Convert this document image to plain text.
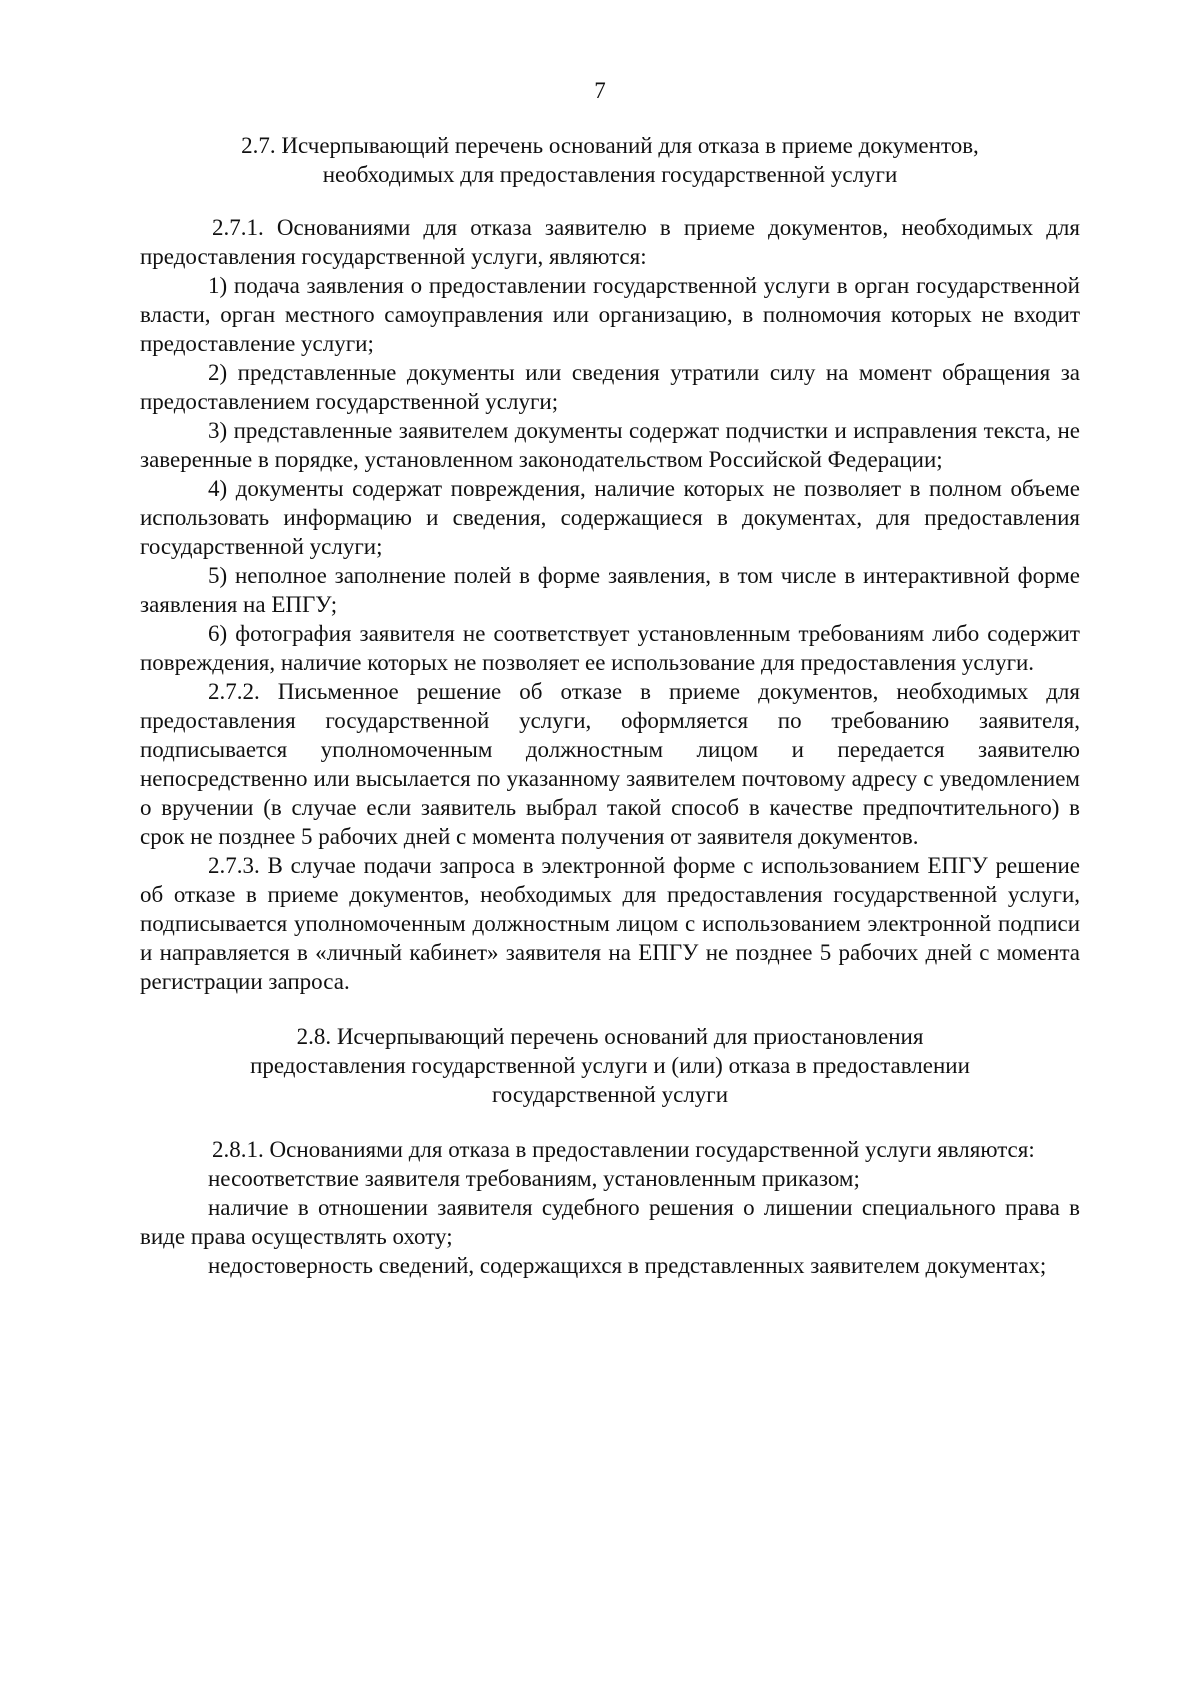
7
2.7. Исчерпывающий перечень оснований для отказа в приеме документов,
необходимых для предоставления государственной услуги

2.7.1. Основаниями для отказа заявителю в приеме документов, необходимых для предоставления государственной услуги, являются:

1) подача заявления о предоставлении государственной услуги в орган государственной власти, орган местного самоуправления или организацию, в полномочия которых не входит предоставление услуги;

2) представленные документы или сведения утратили силу на момент обращения за предоставлением государственной услуги;

3) представленные заявителем документы содержат подчистки и исправления текста, не заверенные в порядке, установленном законодательством Российской Федерации;

4) документы содержат повреждения, наличие которых не позволяет в полном объеме использовать информацию и сведения, содержащиеся в документах, для предоставления государственной услуги;

5) неполное заполнение полей в форме заявления, в том числе в интерактивной форме заявления на ЕПГУ;

6) фотография заявителя не соответствует установленным требованиям либо содержит повреждения, наличие которых не позволяет ее использование для предоставления услуги.

2.7.2. Письменное решение об отказе в приеме документов, необходимых для предоставления государственной услуги, оформляется по требованию заявителя, подписывается уполномоченным должностным лицом и передается заявителю непосредственно или высылается по указанному заявителем почтовому адресу с уведомлением о вручении (в случае если заявитель выбрал такой способ в качестве предпочтительного) в срок не позднее 5 рабочих дней с момента получения от заявителя документов.

2.7.3. В случае подачи запроса в электронной форме с использованием ЕПГУ решение об отказе в приеме документов, необходимых для предоставления государственной услуги, подписывается уполномоченным должностным лицом с использованием электронной подписи и направляется в «личный кабинет» заявителя на ЕПГУ не позднее 5 рабочих дней с момента регистрации запроса.

2.8. Исчерпывающий перечень оснований для приостановления
предоставления государственной услуги и (или) отказа в предоставлении
государственной услуги

2.8.1. Основаниями для отказа в предоставлении государственной услуги являются:

несоответствие заявителя требованиям, установленным приказом;

наличие в отношении заявителя судебного решения о лишении специального права в виде права осуществлять охоту;

недостоверность сведений, содержащихся в представленных заявителем документах;
